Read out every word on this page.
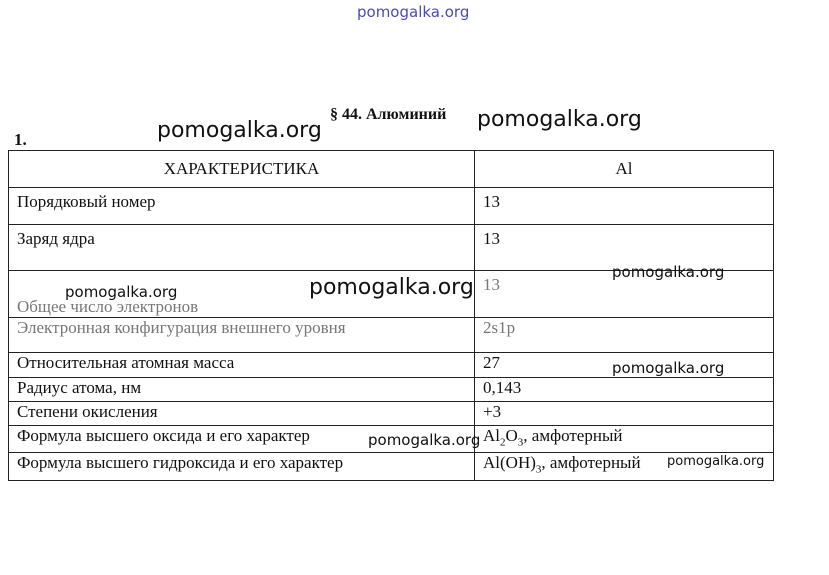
pomogalka.org
§ 44. Алюминий
1.
ХАРАКТЕРИСТИКА	Al
Порядковый номер	13
Заряд ядра	13
Общее число электронов	13
Электронная конфигурация внешнего уровня	2s1p
Относительная атомная масса	27
Радиус атома, нм	0,143
Степени окисления	+3
Формула высшего оксида и его характер	$Al_2O_3$, амфотерный
Формула высшего гидроксида и его характер	$Al(OH)_3$, амфотерный
pomogalka.org	pomogalka.org
pomogalka.org	pomogalka.org
pomogalka.org
pomogalka.org
pomogalka.org
pomogalka.org
